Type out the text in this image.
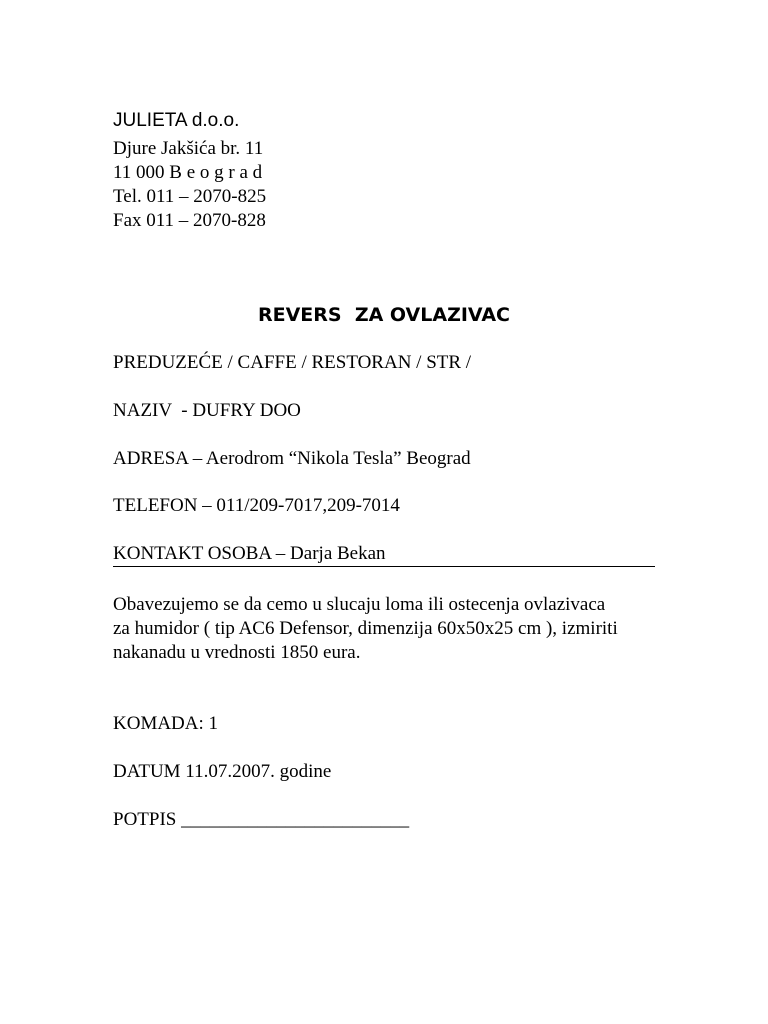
JULIETA d.o.o.
Djure Jakšića br. 11
11 000 B e o g r a d
Tel. 011 – 2070-825
Fax 011 – 2070-828
REVERS  ZA OVLAZIVAC
PREDUZEĆE / CAFFE / RESTORAN / STR /
NAZIV  - DUFRY DOO
ADRESA – Aerodrom “Nikola Tesla” Beograd
TELEFON – 011/209-7017,209-7014
KONTAKT OSOBA – Darja Bekan
Obavezujemo se da cemo u slucaju loma ili ostecenja ovlazivaca
za humidor ( tip AC6 Defensor, dimenzija 60x50x25 cm ), izmiriti
nakanadu u vrednosti 1850 eura.
KOMADA: 1
DATUM 11.07.2007. godine
POTPIS ________________________
